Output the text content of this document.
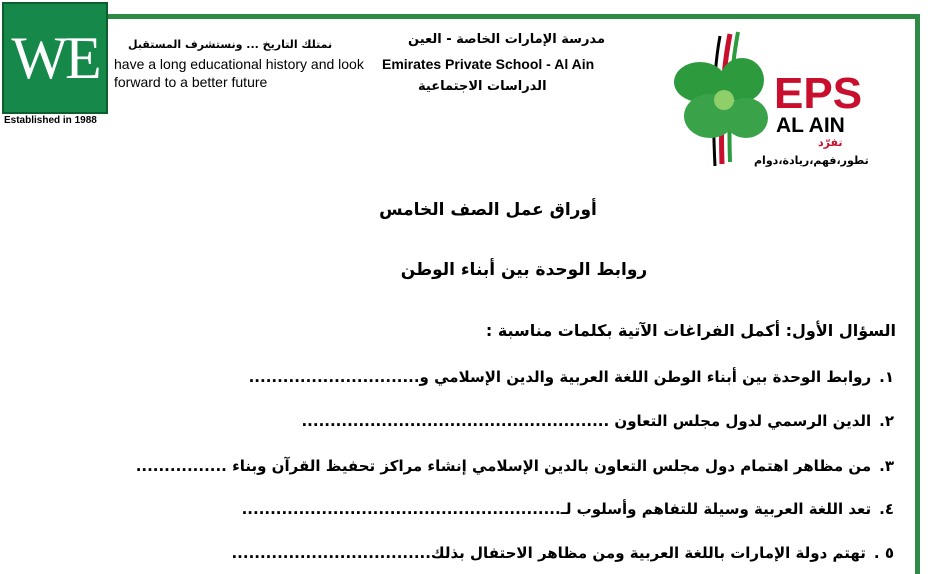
WE
Established in 1988
نمتلك التاريخ ... ونستشرف المستقبل
have a long educational history and look forward to a better future
مدرسة الإمارات الخاصة - العين
Emirates Private School - Al Ain
الدراسات الاجتماعية	EPS
AL AIN
تفرّد
تطور،فهم،ريادة،دوام
أوراق عمل الصف الخامس
روابط الوحدة بين أبناء الوطن
السؤال الأول: أكمل الفراغات الآتية بكلمات مناسبة :
١.روابط الوحدة بين أبناء الوطن اللغة العربية والدين الإسلامي و..............................
٢.الدين الرسمي لدول مجلس التعاون ......................................................
٣.من مظاهر اهتمام دول مجلس التعاون بالدين الإسلامي إنشاء مراكز تحفيظ القرآن وبناء ................
٤.تعد اللغة العربية وسيلة للتفاهم وأسلوب لـ........................................................
٥ .تهتم دولة الإمارات باللغة العربية ومن مظاهر الاحتفال بذلك...................................
